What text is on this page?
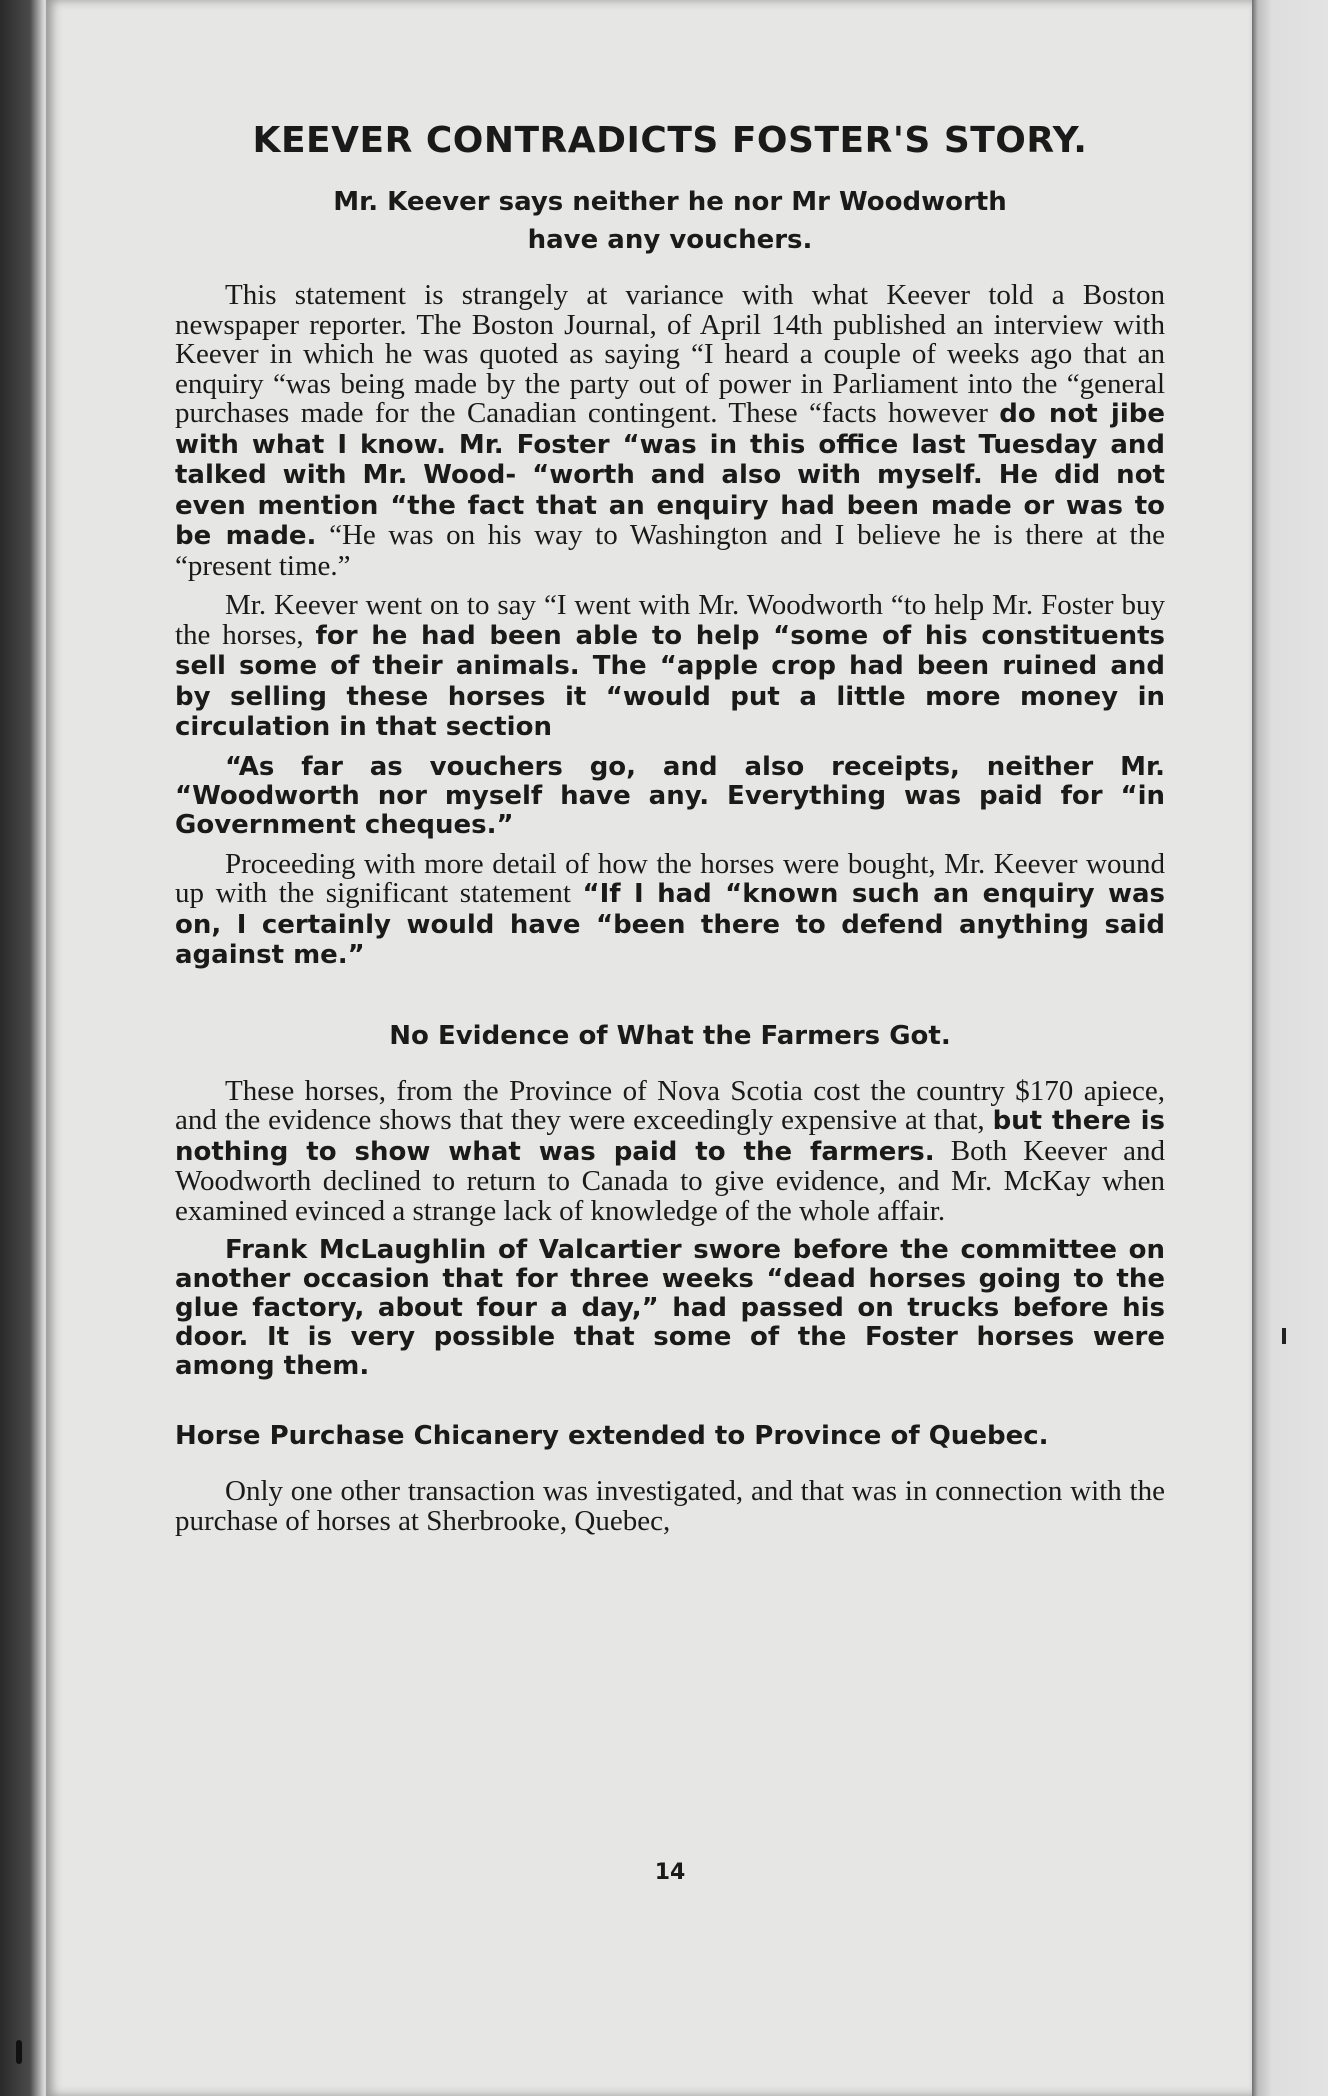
KEEVER CONTRADICTS FOSTER'S STORY.
Mr. Keever says neither he nor Mr Woodworth
have any vouchers.

This statement is strangely at variance with what Keever told a Boston newspaper reporter. The Boston Journal, of April 14th published an interview with Keever in which he was quoted as saying “I heard a couple of weeks ago that an enquiry “was being made by the party out of power in Parliament into the “general purchases made for the Canadian contingent. These “facts however do not jibe with what I know. Mr. Foster “was in this office last Tuesday and talked with Mr. Wood- “worth and also with myself. He did not even mention “the fact that an enquiry had been made or was to be made. “He was on his way to Washington and I believe he is there at the “present time.”

Mr. Keever went on to say “I went with Mr. Woodworth “to help Mr. Foster buy the horses, for he had been able to help “some of his constituents sell some of their animals. The “apple crop had been ruined and by selling these horses it “would put a little more money in circulation in that section

“As far as vouchers go, and also receipts, neither Mr. “Woodworth nor myself have any. Everything was paid for “in Government cheques.”

Proceeding with more detail of how the horses were bought, Mr. Keever wound up with the significant statement “If I had “known such an enquiry was on, I certainly would have “been there to defend anything said against me.”

No Evidence of What the Farmers Got.

These horses, from the Province of Nova Scotia cost the country $170 apiece, and the evidence shows that they were exceedingly expensive at that, but there is nothing to show what was paid to the farmers. Both Keever and Woodworth declined to return to Canada to give evidence, and Mr. McKay when examined evinced a strange lack of knowledge of the whole affair.

Frank McLaughlin of Valcartier swore before the committee on another occasion that for three weeks “dead horses going to the glue factory, about four a day,” had passed on trucks before his door. It is very possible that some of the Foster horses were among them.

Horse Purchase Chicanery extended to Province of Quebec.

Only one other transaction was investigated, and that was in connection with the purchase of horses at Sherbrooke, Quebec,

14
